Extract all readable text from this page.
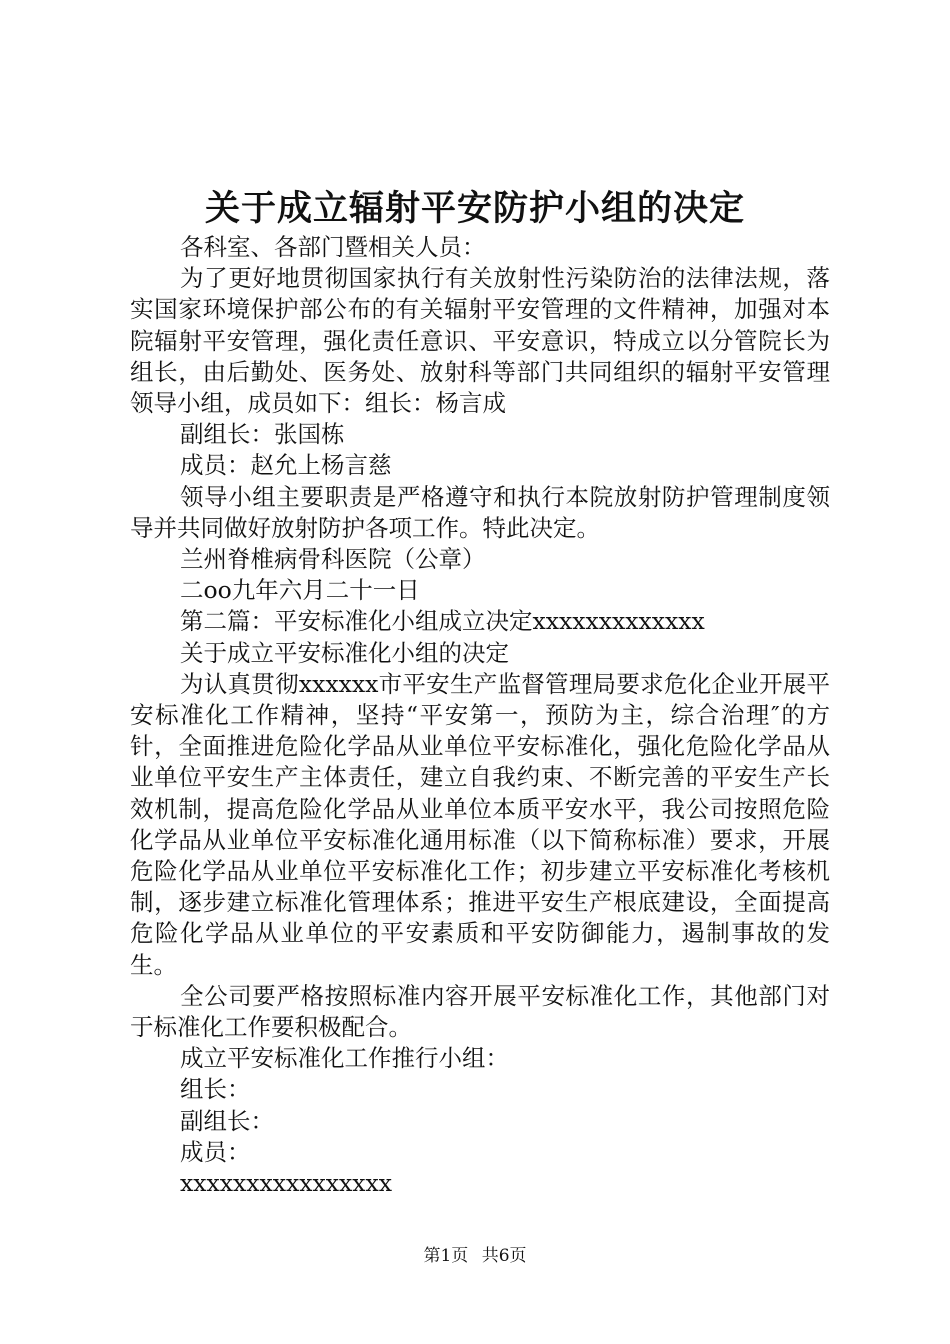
关于成立辐射平安防护小组的决定

各科室、各部门暨相关人员：

为了更好地贯彻国家执行有关放射性污染防治的法律法规，落实国家环境保护部公布的有关辐射平安管理的文件精神，加强对本院辐射平安管理，强化责任意识、平安意识，特成立以分管院长为组长，由后勤处、医务处、放射科等部门共同组织的辐射平安管理领导小组，成员如下：组长：杨言成

副组长：张国栋

成员：赵允上杨言慈

领导小组主要职责是严格遵守和执行本院放射防护管理制度领导并共同做好放射防护各项工作。特此决定。

兰州脊椎病骨科医院（公章）

二oo九年六月二十一日

第二篇：平安标准化小组成立决定xxxxxxxxxxxxx

关于成立平安标准化小组的决定

为认真贯彻xxxxxx市平安生产监督管理局要求危化企业开展平安标准化工作精神，坚持“平安第一，预防为主，综合治理″的方针，全面推进危险化学品从业单位平安标准化，强化危险化学品从业单位平安生产主体责任，建立自我约束、不断完善的平安生产长效机制，提高危险化学品从业单位本质平安水平，我公司按照危险化学品从业单位平安标准化通用标准（以下简称标准）要求，开展危险化学品从业单位平安标准化工作；初步建立平安标准化考核机制，逐步建立标准化管理体系；推进平安生产根底建设，全面提高危险化学品从业单位的平安素质和平安防御能力，遏制事故的发生。

全公司要严格按照标准内容开展平安标准化工作，其他部门对于标准化工作要积极配合。

成立平安标准化工作推行小组：

组长：

副组长：

成员：

xxxxxxxxxxxxxxxx

第1页 共6页
